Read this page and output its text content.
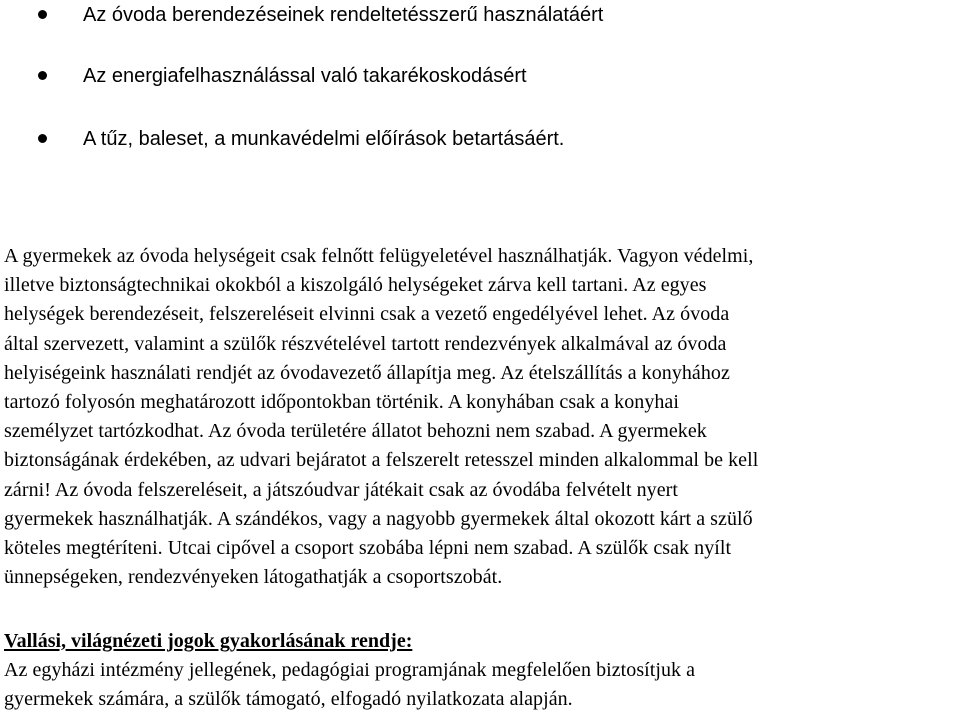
Az óvoda berendezéseinek rendeltetésszerű használatáért
Az energiafelhasználással való takarékoskodásért
A tűz, baleset, a munkavédelmi előírások betartásáért.
A gyermekek az óvoda helységeit csak felnőtt felügyeletével használhatják. Vagyon védelmi,
illetve biztonságtechnikai okokból a kiszolgáló helységeket zárva kell tartani. Az egyes
helységek berendezéseit, felszereléseit elvinni csak a vezető engedélyével lehet. Az óvoda
által szervezett, valamint a szülők részvételével tartott rendezvények alkalmával az óvoda
helyiségeink használati rendjét az óvodavezető állapítja meg. Az ételszállítás a konyhához
tartozó folyosón meghatározott időpontokban történik. A konyhában csak a konyhai
személyzet tartózkodhat. Az óvoda területére állatot behozni nem szabad. A gyermekek
biztonságának érdekében, az udvari bejáratot a felszerelt retesszel minden alkalommal be kell
zárni! Az óvoda felszereléseit, a játszóudvar játékait csak az óvodába felvételt nyert
gyermekek használhatják. A szándékos, vagy a nagyobb gyermekek által okozott kárt a szülő
köteles megtéríteni. Utcai cipővel a csoport szobába lépni nem szabad. A szülők csak nyílt
ünnepségeken, rendezvényeken látogathatják a csoportszobát.
Vallási, világnézeti jogok gyakorlásának rendje:
Az egyházi intézmény jellegének, pedagógiai programjának megfelelően biztosítjuk a
gyermekek számára, a szülők támogató, elfogadó nyilatkozata alapján.
